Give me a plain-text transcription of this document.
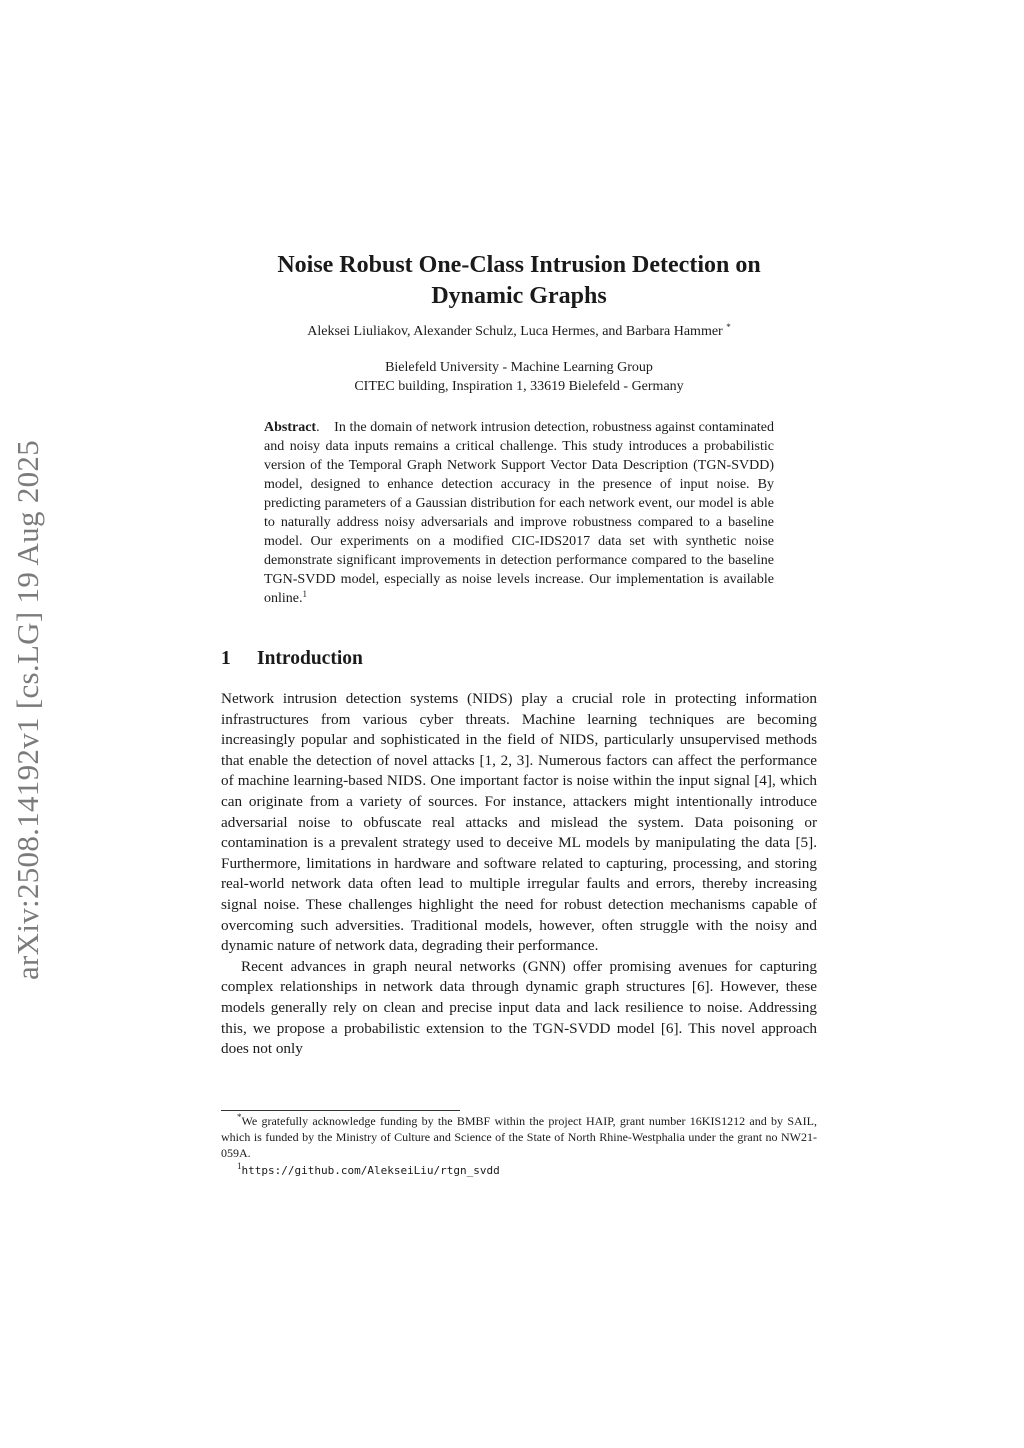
arXiv:2508.14192v1 [cs.LG] 19 Aug 2025
Noise Robust One-Class Intrusion Detection on
Dynamic Graphs
Aleksei Liuliakov, Alexander Schulz, Luca Hermes, and Barbara Hammer *
Bielefeld University - Machine Learning Group
CITEC building, Inspiration 1, 33619 Bielefeld - Germany
Abstract.    In the domain of network intrusion detection, robustness against contaminated and noisy data inputs remains a critical challenge. This study introduces a probabilistic version of the Temporal Graph Network Support Vector Data Description (TGN-SVDD) model, designed to enhance detection accuracy in the presence of input noise. By predicting parameters of a Gaussian distribution for each network event, our model is able to naturally address noisy adversarials and improve robustness compared to a baseline model. Our experiments on a modified CIC-IDS2017 data set with synthetic noise demonstrate significant improvements in detection performance compared to the baseline TGN-SVDD model, especially as noise levels increase. Our implementation is available online.$^1$
1 Introduction

Network intrusion detection systems (NIDS) play a crucial role in protecting information infrastructures from various cyber threats. Machine learning techniques are becoming increasingly popular and sophisticated in the field of NIDS, particularly unsupervised methods that enable the detection of novel attacks [1, 2, 3]. Numerous factors can affect the performance of machine learning-based NIDS. One important factor is noise within the input signal [4], which can originate from a variety of sources. For instance, attackers might intentionally introduce adversarial noise to obfuscate real attacks and mislead the system. Data poisoning or contamination is a prevalent strategy used to deceive ML models by manipulating the data [5]. Furthermore, limitations in hardware and software related to capturing, processing, and storing real-world network data often lead to multiple irregular faults and errors, thereby increasing signal noise. These challenges highlight the need for robust detection mechanisms capable of overcoming such adversities. Traditional models, however, often struggle with the noisy and dynamic nature of network data, degrading their performance.

Recent advances in graph neural networks (GNN) offer promising avenues for capturing complex relationships in network data through dynamic graph structures [6]. However, these models generally rely on clean and precise input data and lack resilience to noise. Addressing this, we propose a probabilistic extension to the TGN-SVDD model [6]. This novel approach does not only

*We gratefully acknowledge funding by the BMBF within the project HAIP, grant number 16KIS1212 and by SAIL, which is funded by the Ministry of Culture and Science of the State of North Rhine-Westphalia under the grant no NW21-059A.

$^1$https://github.com/AlekseiLiu/rtgn_svdd
